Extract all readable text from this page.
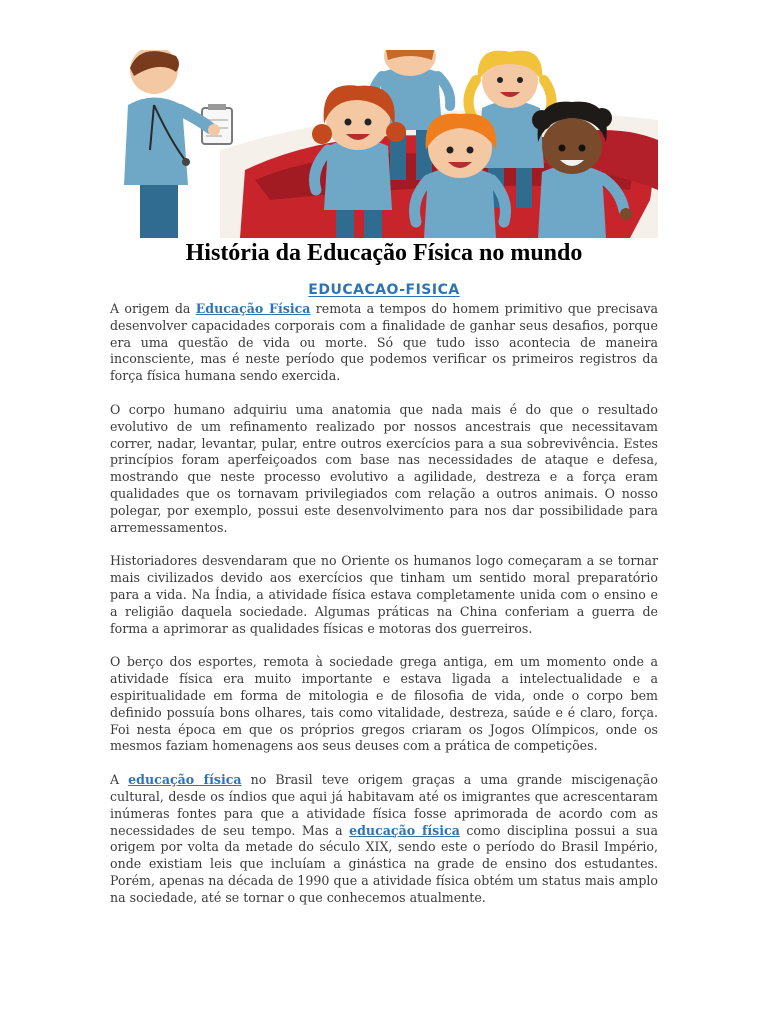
História da Educação Física no mundo
EDUCACAO-FISICA

A origem da Educação Física remota a tempos do homem primitivo que precisava desenvolver capacidades corporais com a finalidade de ganhar seus desafios, porque era uma questão de vida ou morte. Só que tudo isso acontecia de maneira inconsciente, mas é neste período que podemos verificar os primeiros registros da força física humana sendo exercida.

O corpo humano adquiriu uma anatomia que nada mais é do que o resultado evolutivo de um refinamento realizado por nossos ancestrais que necessitavam correr, nadar, levantar, pular, entre outros exercícios para a sua sobrevivência. Estes princípios foram aperfeiçoados com base nas necessidades de ataque e defesa, mostrando que neste processo evolutivo a agilidade, destreza e a força eram qualidades que os tornavam privilegiados com relação a outros animais. O nosso polegar, por exemplo, possui este desenvolvimento para nos dar possibilidade para arremessamentos.

Historiadores desvendaram que no Oriente os humanos logo começaram a se tornar mais civilizados devido aos exercícios que tinham um sentido moral preparatório para a vida. Na Índia, a atividade física estava completamente unida com o ensino e a religião daquela sociedade. Algumas práticas na China conferiam a guerra de forma a aprimorar as qualidades físicas e motoras dos guerreiros.

O berço dos esportes, remota à sociedade grega antiga, em um momento onde a atividade física era muito importante e estava ligada a intelectualidade e a espiritualidade em forma de mitologia e de filosofia de vida, onde o corpo bem definido possuía bons olhares, tais como vitalidade, destreza, saúde e é claro, força. Foi nesta época em que os próprios gregos criaram os Jogos Olímpicos, onde os mesmos faziam homenagens aos seus deuses com a prática de competições.

A educação física no Brasil teve origem graças a uma grande miscigenação cultural, desde os índios que aqui já habitavam até os imigrantes que acrescentaram inúmeras fontes para que a atividade física fosse aprimorada de acordo com as necessidades de seu tempo. Mas a educação física como disciplina possui a sua origem por volta da metade do século XIX, sendo este o período do Brasil Império, onde existiam leis que incluíam a ginástica na grade de ensino dos estudantes. Porém, apenas na década de 1990 que a atividade física obtém um status mais amplo na sociedade, até se tornar o que conhecemos atualmente.
